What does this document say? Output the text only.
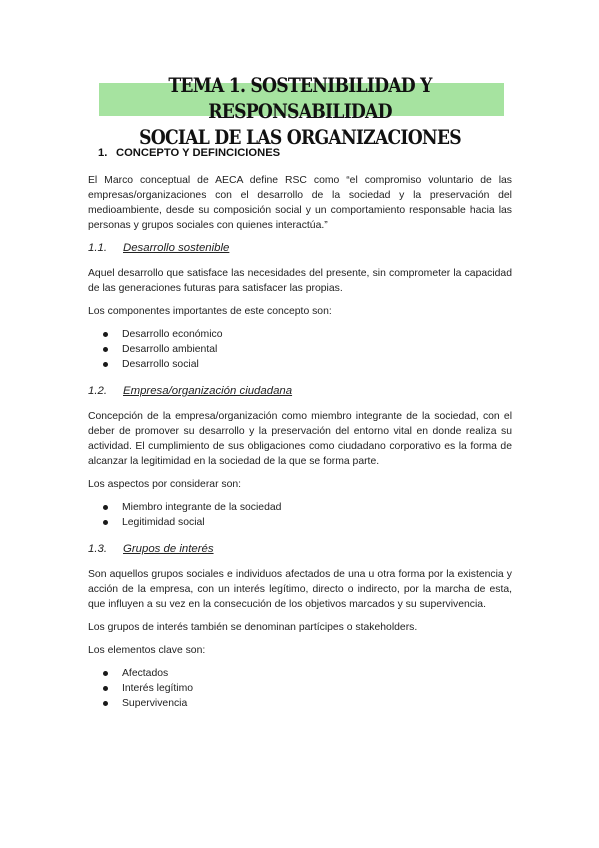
TEMA 1. SOSTENIBILIDAD Y RESPONSABILIDAD
SOCIAL DE LAS ORGANIZACIONES
1. CONCEPTO Y DEFINCICIONES
El Marco conceptual de AECA define RSC como “el compromiso voluntario de las empresas/organizaciones con el desarrollo de la sociedad y la preservación del medioambiente, desde su composición social y un comportamiento responsable hacia las personas y grupos sociales con quienes interactúa.”
1.1. Desarrollo sostenible
Aquel desarrollo que satisface las necesidades del presente, sin comprometer la capacidad de las generaciones futuras para satisfacer las propias.
Los componentes importantes de este concepto son:
Desarrollo económico
Desarrollo ambiental
Desarrollo social
1.2. Empresa/organización ciudadana
Concepción de la empresa/organización como miembro integrante de la sociedad, con el deber de promover su desarrollo y la preservación del entorno vital en donde realiza su actividad. El cumplimiento de sus obligaciones como ciudadano corporativo es la forma de alcanzar la legitimidad en la sociedad de la que se forma parte.
Los aspectos por considerar son:
Miembro integrante de la sociedad
Legitimidad social
1.3. Grupos de interés
Son aquellos grupos sociales e individuos afectados de una u otra forma por la existencia y acción de la empresa, con un interés legítimo, directo o indirecto, por la marcha de esta, que influyen a su vez en la consecución de los objetivos marcados y su supervivencia.
Los grupos de interés también se denominan partícipes o stakeholders.
Los elementos clave son:
Afectados
Interés legítimo
Supervivencia
